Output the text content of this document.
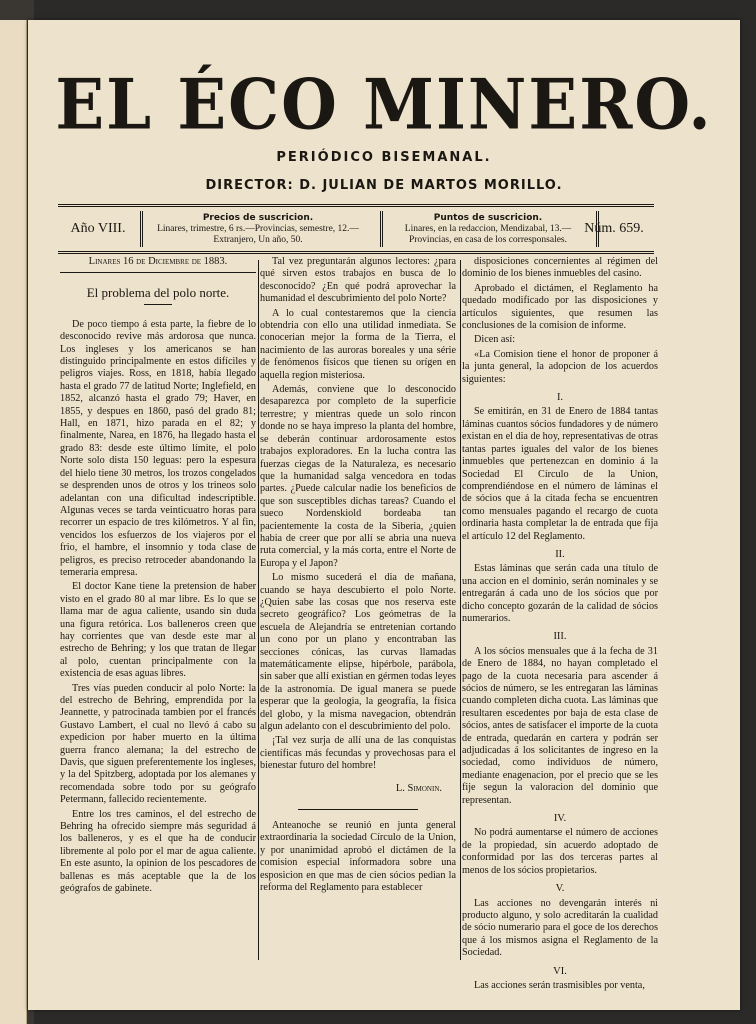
EL ÉCO MINERO.
PERIÓDICO BISEMANAL.
DIRECTOR: D. JULIAN DE MARTOS MORILLO.
Año VIII.
Precios de suscricion.
Linares, trimestre, 6 rs.—Provincias, semestre, 12.—Extranjero, Un año, 50.
Puntos de suscricion.
Linares, en la redaccion, Mendizabal, 13.—Provincias, en casa de los corresponsales.
Núm. 659.
Linares 16 de Diciembre de 1883.
El problema del polo norte.

De poco tiempo á esta parte, la fiebre de lo desconocido revive más ardorosa que nunca. Los ingleses y los americanos se han distinguido principalmente en estos difíciles y peligros viajes. Ross, en 1818, había llegado hasta el grado 77 de latitud Norte; Inglefield, en 1852, alcanzó hasta el grado 79; Haver, en 1855, y despues en 1860, pasó del grado 81; Hall, en 1871, hizo parada en el 82; y finalmente, Narea, en 1876, ha llegado hasta el grado 83: desde este último límite, el polo Norte solo dista 150 leguas: pero la espesura del hielo tiene 30 metros, los trozos congelados se desprenden unos de otros y los trineos solo adelantan con una dificultad indescriptible. Algunas veces se tarda veinticuatro horas para recorrer un espacio de tres kilómetros. Y al fin, vencidos los esfuerzos de los viajeros por el frio, el hambre, el insomnio y toda clase de peligros, es preciso retroceder abandonando la temeraria empresa.

El doctor Kane tiene la pretension de haber visto en el grado 80 al mar libre. Es lo que se llama mar de agua caliente, usando sin duda una figura retórica. Los balleneros creen que hay corrientes que van desde este mar al estrecho de Behring; y los que tratan de llegar al polo, cuentan principalmente con la existencia de esas aguas libres.

Tres vías pueden conducir al polo Norte: la del estrecho de Behring, emprendida por la Jeannette, y patrocinada tambien por el francés Gustavo Lambert, el cual no llevó á cabo su expedicion por haber muerto en la última guerra franco alemana; la del estrecho de Davis, que siguen preferentemente los ingleses, y la del Spitzberg, adoptada por los alemanes y recomendada sobre todo por su geógrafo Petermann, fallecido recientemente.

Entre los tres caminos, el del estrecho de Behring ha ofrecido siempre más seguridad á los balleneros, y es el que ha de conducir libremente al polo por el mar de agua caliente. En este asunto, la opinion de los pescadores de ballenas es más aceptable que la de los geógrafos de gabinete.

Tal vez preguntarán algunos lectores: ¿para qué sirven estos trabajos en busca de lo desconocido? ¿En qué podrá aprovechar la humanidad el descubrimiento del polo Norte?

A lo cual contestaremos que la ciencia obtendria con ello una utilidad inmediata. Se conocerian mejor la forma de la Tierra, el nacimiento de las auroras boreales y una série de fenómenos físicos que tienen su orígen en aquella region misteriosa.

Además, conviene que lo desconocido desaparezca por completo de la superficie terrestre; y mientras quede un solo rincon donde no se haya impreso la planta del hombre, se deberán continuar ardorosamente estos trabajos exploradores. En la lucha contra las fuerzas ciegas de la Naturaleza, es necesario que la humanidad salga vencedora en todas partes. ¿Puede calcular nadie los beneficios de que son susceptibles dichas tareas? Cuando el sueco Nordenskiold bordeaba tan pacientemente la costa de la Siberia, ¿quien habia de creer que por allí se abria una nueva ruta comercial, y la más corta, entre el Norte de Europa y el Japon?

Lo mismo sucederá el dia de mañana, cuando se haya descubierto el polo Norte. ¿Quien sabe las cosas que nos reserva este secreto geográfico? Los geómetras de la escuela de Alejandría se entretenian cortando un cono por un plano y encontraban las secciones cónicas, las curvas llamadas matemáticamente elipse, hipérbole, parábola, sin saber que allí existian en gérmen todas leyes de la astronomía. De igual manera se puede esperar que la geologia, la geografía, la física del globo, y la misma navegacion, obtendrán algun adelanto con el descubrimiento del polo.

¡Tal vez surja de allí una de las conquistas científicas más fecundas y provechosas para el bienestar futuro del hombre!

L. Simonin.

Anteanoche se reunió en junta general extraordinaria la sociedad Círculo de la Union, y por unanimidad aprobó el dictámen de la comision especial informadora sobre una esposicion en que mas de cien sócios pedian la reforma del Reglamento para establecer

disposiciones concernientes al régimen del dominio de los bienes inmuebles del casino.

Aprobado el dictámen, el Reglamento ha quedado modificado por las disposiciones y artículos siguientes, que resumen las conclusiones de la comision de informe.

Dicen así:

«La Comision tiene el honor de proponer á la junta general, la adopcion de los acuerdos siguientes:

I.

Se emitirán, en 31 de Enero de 1884 tantas láminas cuantos sócios fundadores y de número existan en el dia de hoy, representativas de otras tantas partes iguales del valor de los bienes inmuebles que pertenezcan en dominio á la Sociedad El Círculo de la Union, comprendiéndose en el número de láminas el de sócios que á la citada fecha se encuentren como mensuales pagando el recargo de cuota ordinaria hasta completar la de entrada que fija el artículo 12 del Reglamento.

II.

Estas láminas que serán cada una título de una accion en el dominio, serán nominales y se entregarán á cada uno de los sócios que por dicho concepto gozarán de la calidad de sócios numerarios.

III.

A los sócios mensuales que á la fecha de 31 de Enero de 1884, no hayan completado el pago de la cuota necesaria para ascender á sócios de número, se les entregaran las láminas cuando completen dicha cuota. Las láminas que resultaren escedentes por baja de esta clase de sócios, antes de satisfacer el importe de la cuota de entrada, quedarán en cartera y podrán ser adjudicadas á los solicitantes de ingreso en la sociedad, como individuos de número, mediante enagenacion, por el precio que se les fije segun la valoracion del dominio que representan.

IV.

No podrá aumentarse el número de acciones de la propiedad, sin acuerdo adoptado de conformidad por las dos terceras partes al menos de los sócios propietarios.

V.

Las acciones no devengarán interés ni producto alguno, y solo acreditarán la cualidad de sócio numerario para el goce de los derechos que á los mismos asigna el Reglamento de la Sociedad.

VI.

Las acciones serán trasmisibles por venta,
